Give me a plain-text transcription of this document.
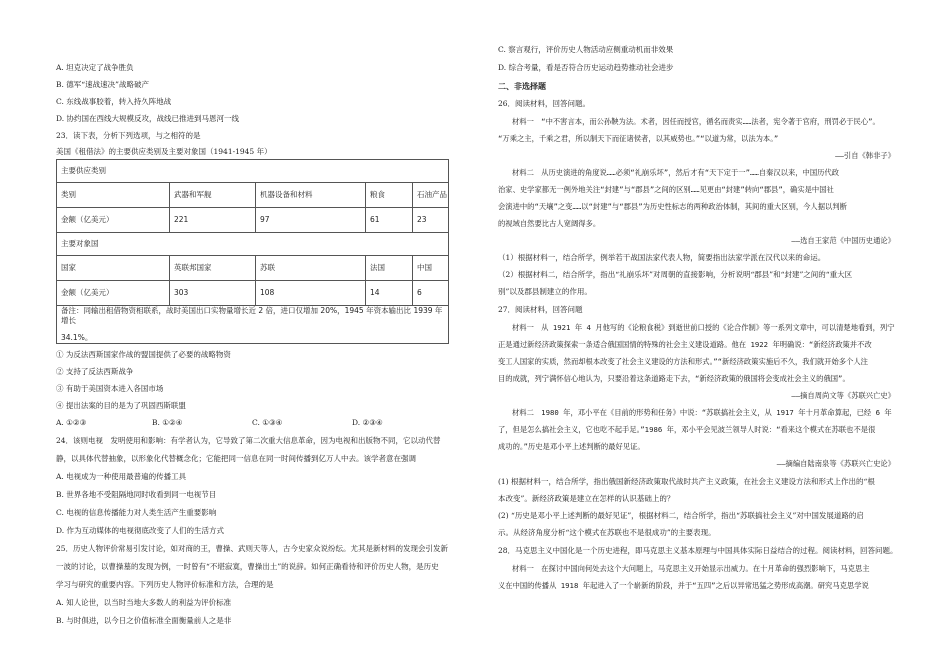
A. 坦克决定了战争胜负
B. 德军“速战速决”战略破产
C. 东线战事胶着，转入持久阵地战
D. 协约国在西线大规模反攻，战线已推进到马恩河一线
23．读下表，分析下列选项，与之相符的是
美国《租借法》的主要供应类别及主要对象国（1941-1945 年）
主要供应类别				
类别	武器和军舰	机器设备和材料	粮食	石油产品
金额（亿美元）	221	97	61	23
主要对象国				
国家	英联邦国家	苏联	法国	中国
金额（亿美元）	303	108	14	6

备注：同输出租借物资相联系，战时美国出口实物量增长近 2 倍，进口仅增加 20%，1945 年资本输出比 1939 年增长
34.1%。				
① 为反法西斯国家作战的盟国提供了必要的战略物资
② 支持了反法西斯战争
③ 有助于美国资本进入各国市场
④ 提出法案的目的是为了巩固西斯联盟
A. ①②③	B. ①②④	C. ①③④	D. ②③④
24．该则电视　发明使用和影响：有学者认为，它导致了第二次重大信息革命，因为电视和出版物不同，它以动代替
静，以具体代替抽象，以形象化代替概念化；它能把同一信息在同一时间传播到亿万人中去。该学者意在强调
A. 电视成为一种使用最普遍的传播工具
B. 世界各地不受阻隔地同时收看到同一电视节目
C. 电视的信息传播能力对人类生活产生重要影响
D. 作为互动媒体的电视彻底改变了人们的生活方式
25．历史人物评价常易引发讨论，如对商的王，曹操、武则天等人，古今史家众说纷纭。尤其是新材料的发现会引发新
一波的讨论，以曹操墓的发现为例，一时曾有“不堪寂寞，曹操出土”的说辞。如何正确看待和评价历史人物，是历史
学习与研究的重要内容。下列历史人物评价标准和方法，合理的是
A. 知人论世，以当时当地大多数人的利益为评价标准
B. 与时俱进，以今日之价值标准全面衡量前人之是非
C. 察言观行，评价历史人物活动应侧重动机而非效果
D. 综合考量，看是否符合历史运动趋势推动社会进步
二、非选择题
26．阅读材料，回答问题。
材料一　“中不害言本，而公孙鞅为法。术者，因任而授官，循名而责实……法者，宪令著于官府，刑罚必于民心”。
“万乘之主，千乘之君，所以制天下而征诸侯者，以其威势也。”“以道为常，以法为本。”
——引自《韩非子》
材料二　从历史演进的角度说……必须“礼崩乐坏”，然后才有“天下定于一”……自秦汉以来，中国历代政
治家、史学家都无一例外地关注“封建”与“郡县”之间的区别……见更由“封建”转向“郡县”，确实是中国社
会演进中的“天壤”之变……以“封建”与“郡县”为历史性标志的两种政治体制，其间的重大区别，今人据以判断
的视域自然要比古人宽阔得多。
——选自王家范《中国历史通论》
（1）根据材料一，结合所学，例举若干战国法家代表人物，简要指出法家学派在汉代以来的命运。
（2）根据材料二，结合所学，指出“礼崩乐坏”对周朝的直接影响，分析说明“郡县”和“封建”之间的“重大区
别”以及郡县制建立的作用。
27．阅读材料，回答问题
材料一　从 1921 年 4 月他写的《论粮食税》到逝世前口授的《论合作制》等一系列文章中，可以清楚地看到，列宁
正是通过新经济政策探索一条适合俄国国情的特殊的社会主义建设道路。他在 1922 年明确说：“新经济政策并不改
变工人国家的实质，然而却根本改变了社会主义建设的方法和形式。”“新经济政策实施后不久，我们就开始多个人注
目的成就，列宁满怀信心地认为，只要沿着这条道路走下去，“新经济政策的俄国将会变成社会主义的俄国”。
——摘自周尚文等《苏联兴亡史》
材料二　1980 年，邓小平在《目前的形势和任务》中说：“苏联搞社会主义，从 1917 年十月革命算起，已经 6 年
了，但是怎么搞社会主义，它也吃不起手足。”1986 年，邓小平会见波兰领导人时说：“看来这个模式在苏联也不是很
成功的。”历史是邓小平上述判断的最好见证。
——摘编自陆南泉等《苏联兴亡史论》
(1) 根据材料一，结合所学，指出俄国新经济政策取代战时共产主义政策，在社会主义建设方法和形式上作出的“根
本改变”。新经济政策是建立在怎样的认识基础上的？
(2) “历史是邓小平上述判断的最好见证”，根据材料二，结合所学，指出“苏联搞社会主义”对中国发展道路的启
示。从经济角度分析“这个模式在苏联也不是很成功”的主要表现。
28．马克思主义中国化是一个历史进程，即马克思主义基本原理与中国具体实际日益结合的过程。阅读材料，回答问题。
材料一　在探讨中国向何处去这个大问题上，马克思主义开始显示出威力。在十月革命的强烈影响下，马克思主
义在中国的传播从 1918 年起进入了一个崭新的阶段，并于“五四”之后以异常迅猛之势形成高潮。研究马克思学说
